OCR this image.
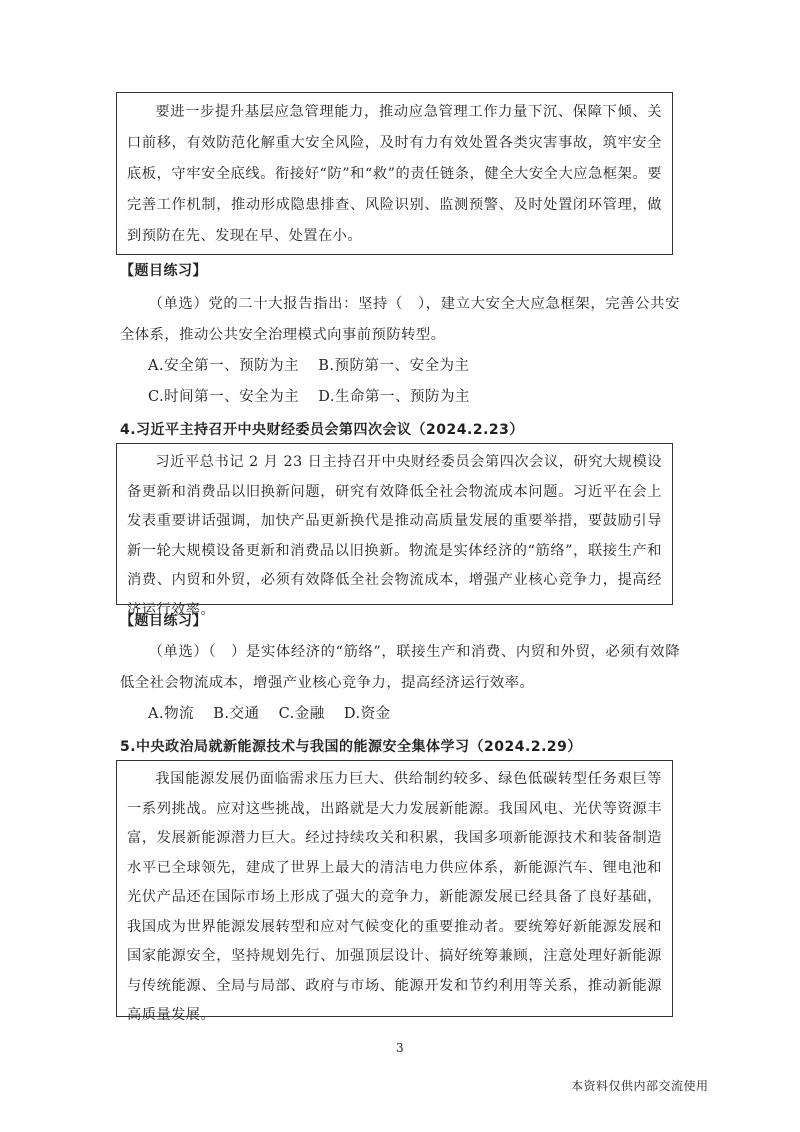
要进一步提升基层应急管理能力，推动应急管理工作力量下沉、保障下倾、关口前移，有效防范化解重大安全风险，及时有力有效处置各类灾害事故，筑牢安全底板，守牢安全底线。衔接好“防”和“救”的责任链条，健全大安全大应急框架。要完善工作机制，推动形成隐患排查、风险识别、监测预警、及时处置闭环管理，做到预防在先、发现在早、处置在小。

【题目练习】

（单选）党的二十大报告指出：坚持（　），建立大安全大应急框架，完善公共安全体系，推动公共安全治理模式向事前预防转型。

A.安全第一、预防为主 B.预防第一、安全为主
C.时间第一、安全为主 D.生命第一、预防为主
4.习近平主持召开中央财经委员会第四次会议（2024.2.23）

习近平总书记 2 月 23 日主持召开中央财经委员会第四次会议，研究大规模设备更新和消费品以旧换新问题，研究有效降低全社会物流成本问题。习近平在会上发表重要讲话强调，加快产品更新换代是推动高质量发展的重要举措，要鼓励引导新一轮大规模设备更新和消费品以旧换新。物流是实体经济的“筋络”，联接生产和消费、内贸和外贸，必须有效降低全社会物流成本，增强产业核心竞争力，提高经济运行效率。

【题目练习】

（单选）（　）是实体经济的“筋络”，联接生产和消费、内贸和外贸，必须有效降低全社会物流成本，增强产业核心竞争力，提高经济运行效率。

A.物流 B.交通 C.金融 D.资金
5.中央政治局就新能源技术与我国的能源安全集体学习（2024.2.29）

我国能源发展仍面临需求压力巨大、供给制约较多、绿色低碳转型任务艰巨等一系列挑战。应对这些挑战，出路就是大力发展新能源。我国风电、光伏等资源丰富，发展新能源潜力巨大。经过持续攻关和积累，我国多项新能源技术和装备制造水平已全球领先，建成了世界上最大的清洁电力供应体系，新能源汽车、锂电池和光伏产品还在国际市场上形成了强大的竞争力，新能源发展已经具备了良好基础，我国成为世界能源发展转型和应对气候变化的重要推动者。要统筹好新能源发展和国家能源安全，坚持规划先行、加强顶层设计、搞好统筹兼顾，注意处理好新能源与传统能源、全局与局部、政府与市场、能源开发和节约利用等关系，推动新能源高质量发展。

3
本资料仅供内部交流使用
